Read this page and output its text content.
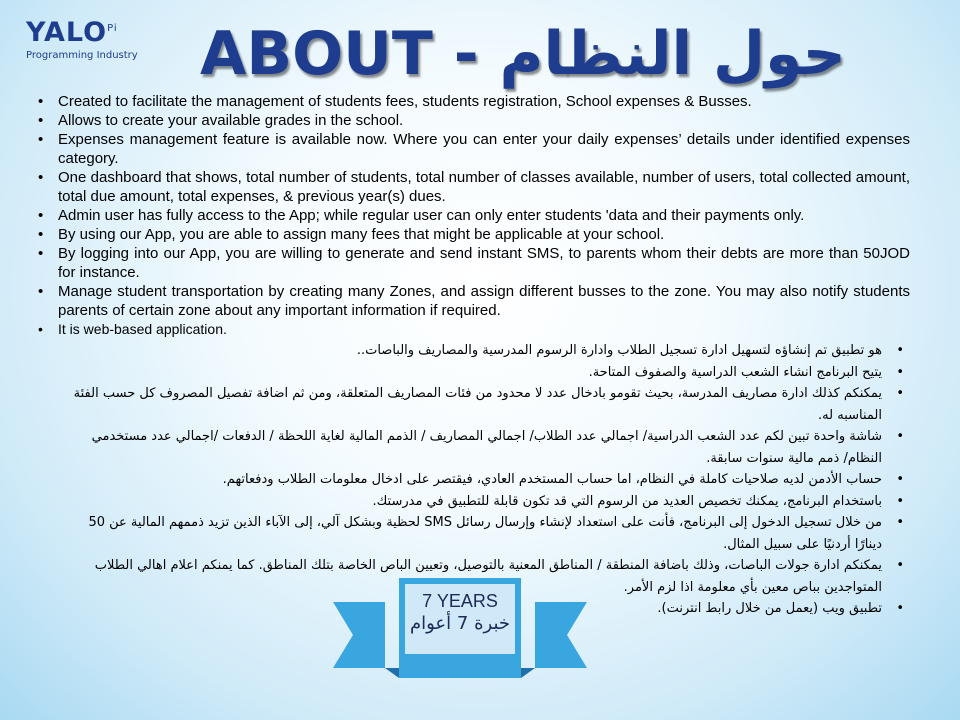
$YALO^{Pi}$
Programming Industry	ABOUT - حول النظام
• Created to facilitate the management of students fees, students registration, School expenses & Busses.
• Allows to create your available grades in the school.
• Expenses management feature is available now. Where you can enter your daily expenses’ details under identified expenses category.
• One dashboard that shows, total number of students, total number of classes available, number of users, total collected amount, total due amount, total expenses, & previous year(s) dues.
• Admin user has fully access to the App; while regular user can only enter students 'data and their payments only.
• By using our App, you are able to assign many fees that might be applicable at your school.
• By logging into our App, you are willing to generate and send instant SMS, to parents whom their debts are more than 50JOD for instance.
• Manage student transportation by creating many Zones, and assign different busses to the zone. You may also notify students parents of certain zone about any important information if required.
• It is web-based application.
• هو تطبيق تم إنشاؤه لتسهيل ادارة تسجيل الطلاب وادارة الرسوم المدرسية والمصاريف والباصات..
• يتيح البرنامج انشاء الشعب الدراسية والصفوف المتاحة.
• يمكنكم كذلك ادارة مصاريف المدرسة، بحيث تقومو بادخال عدد لا محدود من فئات المصاريف المتعلقة، ومن ثم اضافة تفصيل المصروف كل حسب الفئة المناسبه له.
• شاشة واحدة تبين لكم عدد الشعب الدراسية/ اجمالي عدد الطلاب/ اجمالي المصاريف / الذمم المالية لغاية اللحظة / الدفعات /اجمالي عدد مستخدمي النظام/ ذمم مالية سنوات سابقة.
• حساب الأدمن لديه صلاحيات كاملة في النظام، اما حساب المستخدم العادي، فيقتصر على ادخال معلومات الطلاب ودفعاتهم.
• باستخدام البرنامج، يمكنك تخصيص العديد من الرسوم التي قد تكون قابلة للتطبيق في مدرستك.
• من خلال تسجيل الدخول إلى البرنامج، فأنت على استعداد لإنشاء وإرسال رسائل SMS لحظية وبشكل آلي، إلى الآباء الذين تزيد ذممهم المالية عن 50 دينارًا أردنيًا على سبيل المثال.
• يمكنكم ادارة جولات الباصات، وذلك باضافة المنطقة / المناطق المعنية بالتوصيل، وتعيين الباص الخاصة بتلك المناطق. كما يمنكم اعلام اهالي الطلاب المتواجدين بباص معين بأي معلومة اذا لزم الأمر.
• تطبيق ويب (يعمل من خلال رابط انترنت).
7 YEARS
خبرة 7 أعوام
